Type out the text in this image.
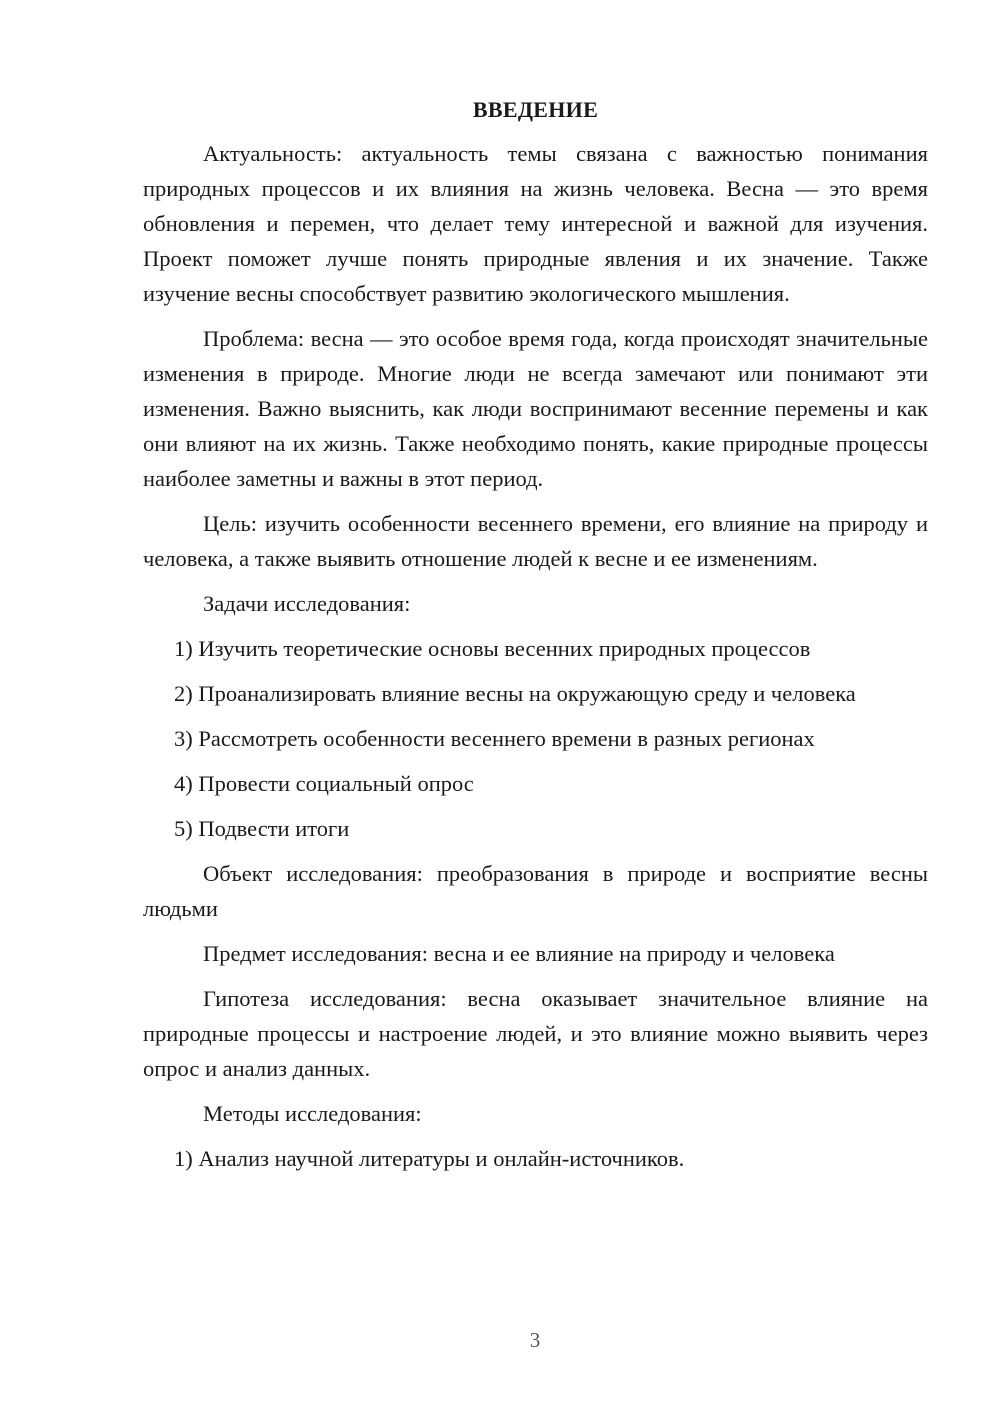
ВВЕДЕНИЕ

Актуальность: актуальность темы связана с важностью понимания природных процессов и их влияния на жизнь человека. Весна — это время обновления и перемен, что делает тему интересной и важной для изучения. Проект поможет лучше понять природные явления и их значение. Также изучение весны способствует развитию экологического мышления.

Проблема: весна — это особое время года, когда происходят значительные изменения в природе. Многие люди не всегда замечают или понимают эти изменения. Важно выяснить, как люди воспринимают весенние перемены и как они влияют на их жизнь. Также необходимо понять, какие природные процессы наиболее заметны и важны в этот период.

Цель: изучить особенности весеннего времени, его влияние на природу и человека, а также выявить отношение людей к весне и ее изменениям.

Задачи исследования:

1) Изучить теоретические основы весенних природных процессов
2) Проанализировать влияние весны на окружающую среду и человека
3) Рассмотреть особенности весеннего времени в разных регионах
4) Провести социальный опрос
5) Подвести итоги

Объект исследования: преобразования в природе и восприятие весны людьми

Предмет исследования: весна и ее влияние на природу и человека

Гипотеза исследования: весна оказывает значительное влияние на природные процессы и настроение людей, и это влияние можно выявить через опрос и анализ данных.

Методы исследования:

1) Анализ научной литературы и онлайн-источников.
3
